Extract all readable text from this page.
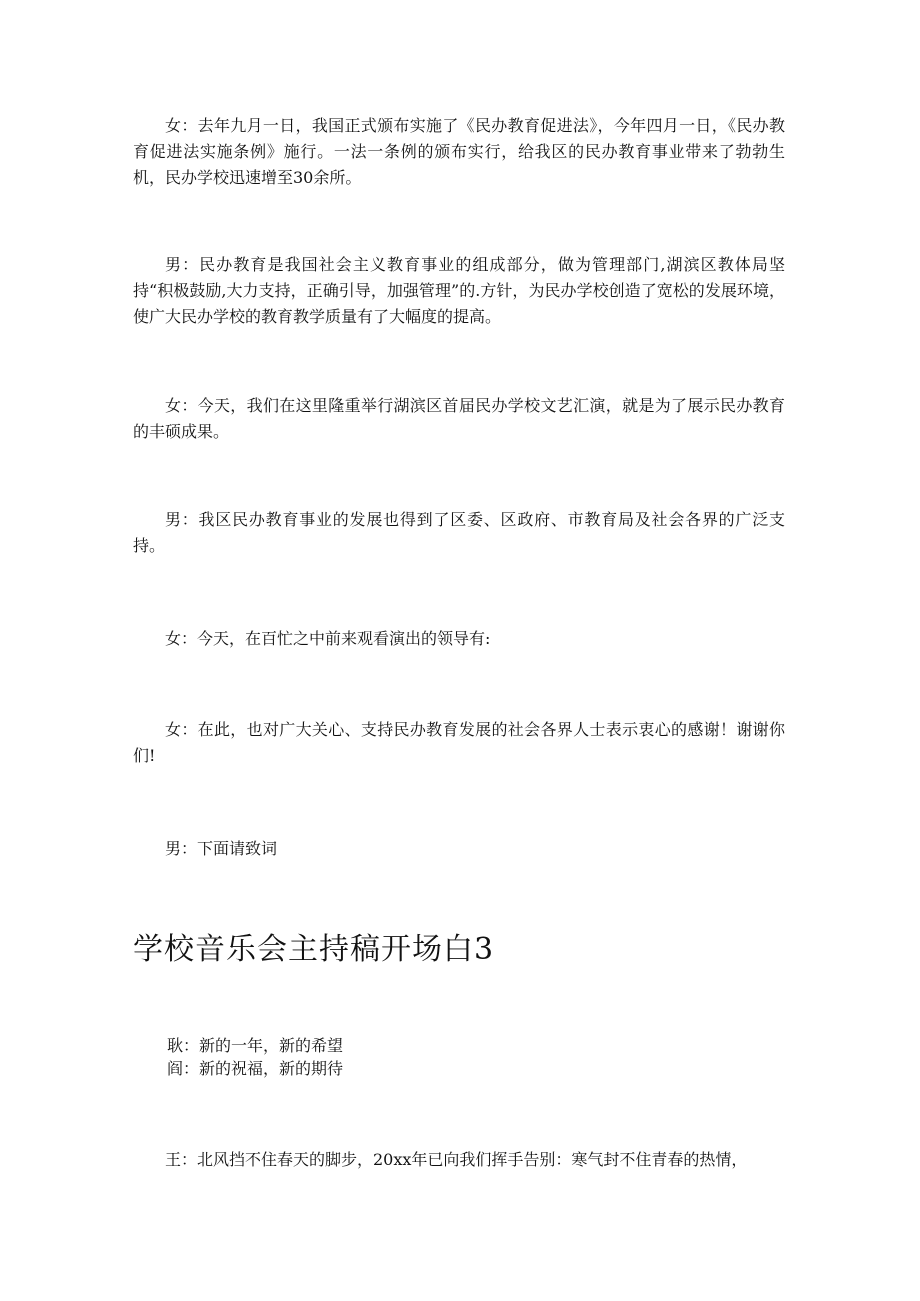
女：去年九月一日，我国正式颁布实施了《民办教育促进法》，今年四月一日，《民办教育促进法实施条例》施行。一法一条例的颁布实行，给我区的民办教育事业带来了勃勃生机，民办学校迅速增至30余所。

男：民办教育是我国社会主义教育事业的组成部分，做为管理部门,湖滨区教体局坚持“积极鼓励,大力支持，正确引导，加强管理”的.方针，为民办学校创造了宽松的发展环境，使广大民办学校的教育教学质量有了大幅度的提高。

女：今天，我们在这里隆重举行湖滨区首届民办学校文艺汇演，就是为了展示民办教育的丰硕成果。

男：我区民办教育事业的发展也得到了区委、区政府、市教育局及社会各界的广泛支持。

女：今天，在百忙之中前来观看演出的领导有:

女：在此，也对广大关心、支持民办教育发展的社会各界人士表示衷心的感谢！谢谢你们!

男：下面请致词

学校音乐会主持稿开场白3

耿：新的一年，新的希望

阎：新的祝福，新的期待

王：北风挡不住春天的脚步，20xx年已向我们挥手告别：寒气封不住青春的热情，
